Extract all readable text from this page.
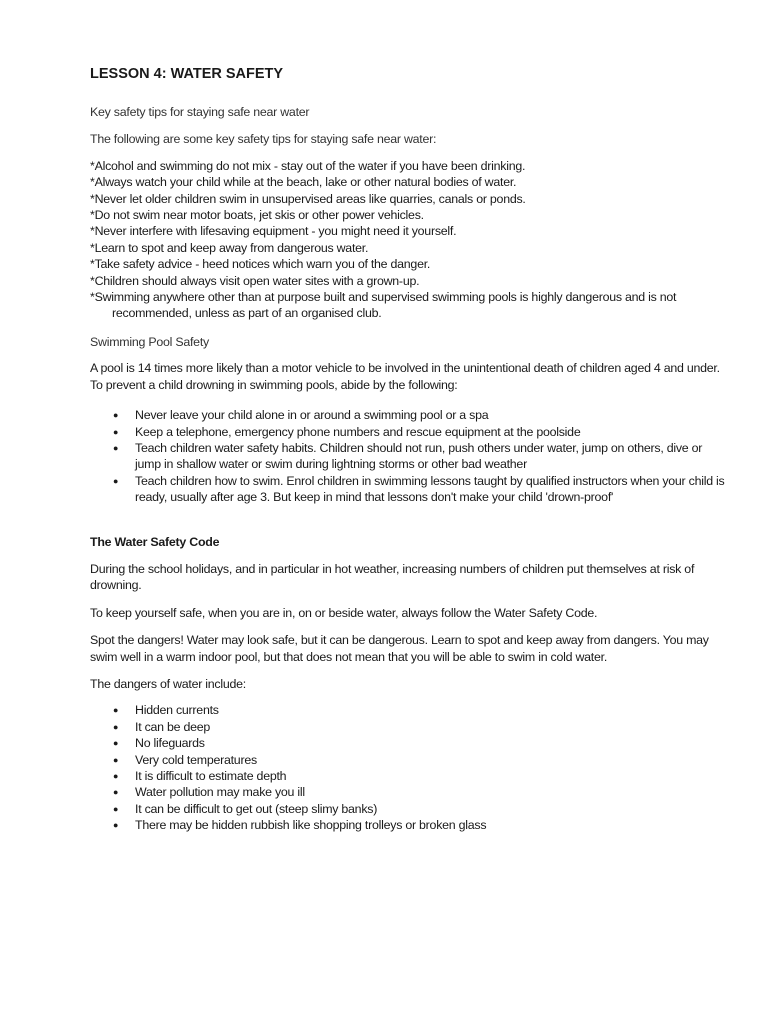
LESSON 4: WATER SAFETY

Key safety tips for staying safe near water

The following are some key safety tips for staying safe near water:

*Alcohol and swimming do not mix - stay out of the water if you have been drinking.
*Always watch your child while at the beach, lake or other natural bodies of water.
*Never let older children swim in unsupervised areas like quarries, canals or ponds.
*Do not swim near motor boats, jet skis or other power vehicles.
*Never interfere with lifesaving equipment - you might need it yourself.
*Learn to spot and keep away from dangerous water.
*Take safety advice - heed notices which warn you of the danger.
*Children should always visit open water sites with a grown-up.
*Swimming anywhere other than at purpose built and supervised swimming pools is highly dangerous and is not recommended, unless as part of an organised club.

Swimming Pool Safety

A pool is 14 times more likely than a motor vehicle to be involved in the unintentional death of children aged 4 and under. To prevent a child drowning in swimming pools, abide by the following:

● Never leave your child alone in or around a swimming pool or a spa
● Keep a telephone, emergency phone numbers and rescue equipment at the poolside
● Teach children water safety habits. Children should not run, push others under water, jump on others, dive or jump in shallow water or swim during lightning storms or other bad weather
● Teach children how to swim. Enrol children in swimming lessons taught by qualified instructors when your child is ready, usually after age 3. But keep in mind that lessons don't make your child 'drown-proof'

The Water Safety Code

During the school holidays, and in particular in hot weather, increasing numbers of children put themselves at risk of drowning.

To keep yourself safe, when you are in, on or beside water, always follow the Water Safety Code.

Spot the dangers! Water may look safe, but it can be dangerous. Learn to spot and keep away from dangers. You may swim well in a warm indoor pool, but that does not mean that you will be able to swim in cold water.

The dangers of water include:

● Hidden currents
● It can be deep
● No lifeguards
● Very cold temperatures
● It is difficult to estimate depth
● Water pollution may make you ill
● It can be difficult to get out (steep slimy banks)
● There may be hidden rubbish like shopping trolleys or broken glass
